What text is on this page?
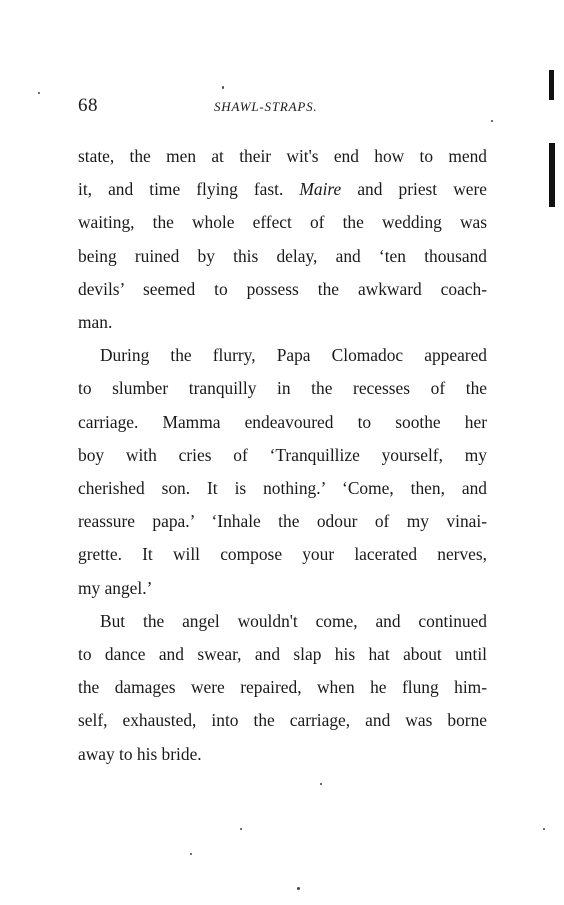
68	SHAWL-STRAPS.
state, the men at their wit's end how to mend
it, and time flying fast. Maire and priest were
waiting, the whole effect of the wedding was
being ruined by this delay, and ‘ten thousand
devils’ seemed to possess the awkward coach-
man.
During the flurry, Papa Clomadoc appeared
to slumber tranquilly in the recesses of the
carriage. Mamma endeavoured to soothe her
boy with cries of ‘Tranquillize yourself, my
cherished son. It is nothing.’ ‘Come, then, and
reassure papa.’ ‘Inhale the odour of my vinai-
grette. It will compose your lacerated nerves,
my angel.’
But the angel wouldn't come, and continued
to dance and swear, and slap his hat about until
the damages were repaired, when he flung him-
self, exhausted, into the carriage, and was borne
away to his bride.
